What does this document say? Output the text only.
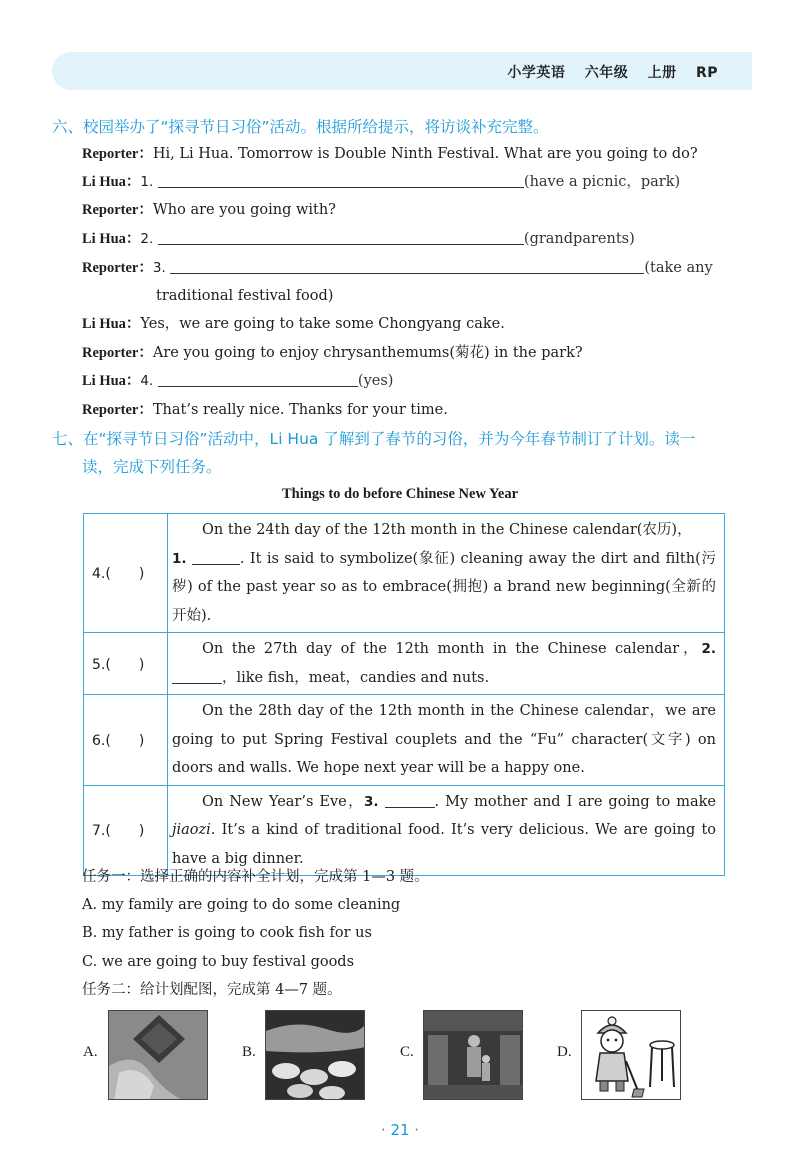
小学英语 六年级 上册 RP
六、校园举办了“探寻节日习俗”活动。根据所给提示，将访谈补充完整。
Reporter：Hi, Li Hua. Tomorrow is Double Ninth Festival. What are you going to do?
Li Hua：1.	(have a picnic，park)
Reporter：Who are you going with?
Li Hua：2.	(grandparents)
Reporter：3.	(take any
traditional festival food)
Li Hua：Yes，we are going to take some Chongyang cake.
Reporter：Are you going to enjoy chrysanthemums(菊花) in the park?
Li Hua：4.	(yes)
Reporter：That’s really nice. Thanks for your time.
七、在“探寻节日习俗”活动中，Li Hua 了解到了春节的习俗，并为今年春节制订了计划。读一
读，完成下列任务。
Things to do before Chinese New Year
4.(　　)	On the 24th day of the 12th month in the Chinese calendar(农历)，
1. . It is said to symbolize(象征) cleaning away the dirt and filth(污秽) of the past year so as to embrace(拥抱) a brand new beginning(全新的开始).
5.(　　)	On the 27th day of the 12th month in the Chinese calendar，2. ，like fish，meat，candies and nuts.
6.(　　)	On the 28th day of the 12th month in the Chinese calendar，we are going to put Spring Festival couplets and the “Fu” character(文字) on doors and walls. We hope next year will be a happy one.
7.(　　)	On New Year’s Eve，3. . My mother and I are going to make jiaozi. It’s a kind of traditional food. It’s very delicious. We are going to have a big dinner.
任务一：选择正确的内容补全计划，完成第 1—3 题。
A. my family are going to do some cleaning
B. my father is going to cook fish for us
C. we are going to buy festival goods
任务二：给计划配图，完成第 4—7 题。
A.	B.	C.	D.
· 21 ·
